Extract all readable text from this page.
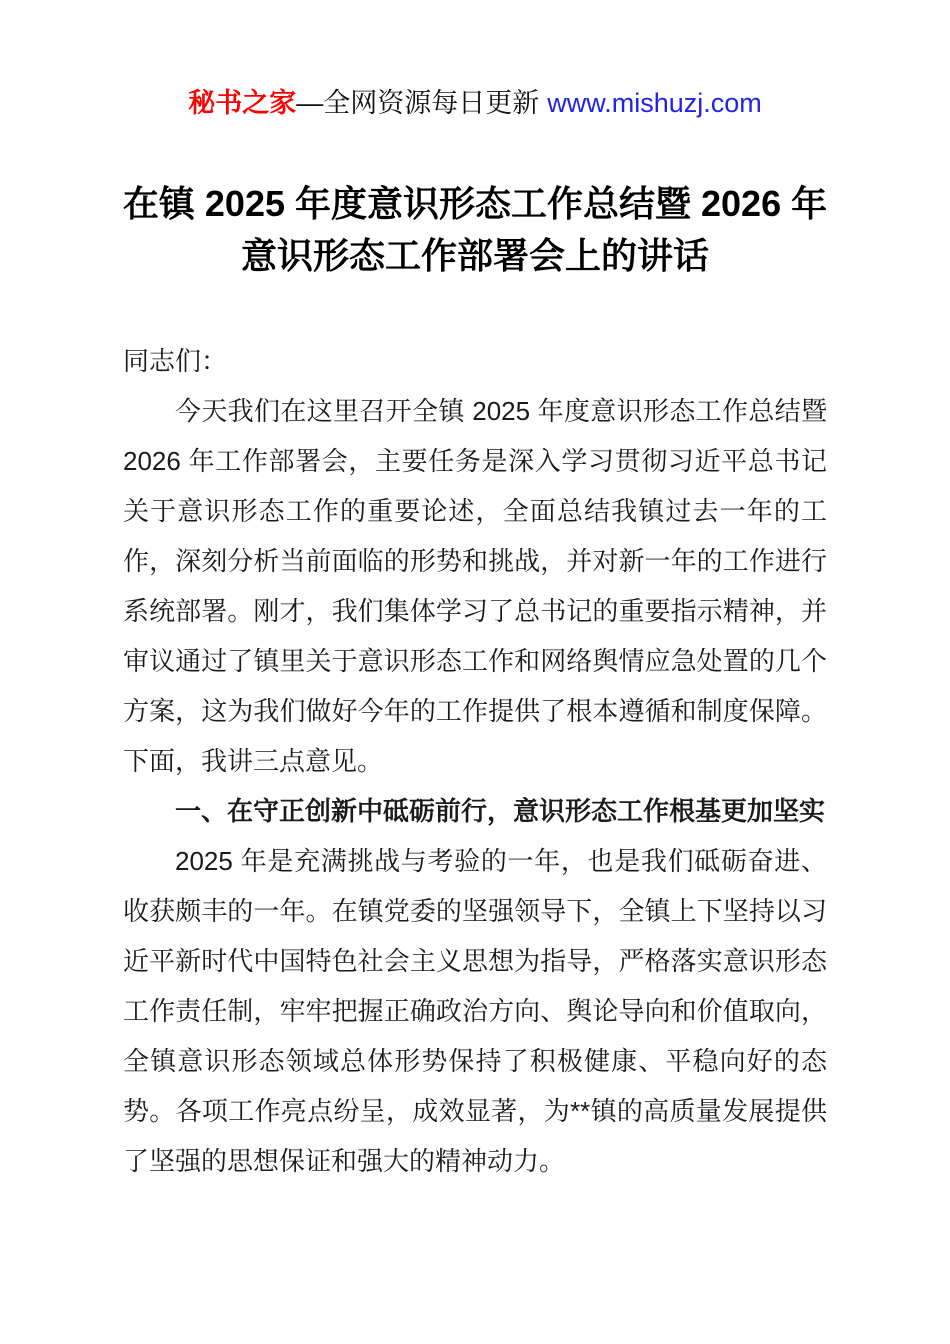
秘书之家—全网资源每日更新 www.mishuzj.com
在镇 2025 年度意识形态工作总结暨 2026 年
意识形态工作部署会上的讲话

同志们：

今天我们在这里召开全镇 2025 年度意识形态工作总结暨 2026 年工作部署会，主要任务是深入学习贯彻习近平总书记关于意识形态工作的重要论述，全面总结我镇过去一年的工作，深刻分析当前面临的形势和挑战，并对新一年的工作进行系统部署。刚才，我们集体学习了总书记的重要指示精神，并审议通过了镇里关于意识形态工作和网络舆情应急处置的几个方案，这为我们做好今年的工作提供了根本遵循和制度保障。下面，我讲三点意见。

一、在守正创新中砥砺前行，意识形态工作根基更加坚实

2025 年是充满挑战与考验的一年，也是我们砥砺奋进、收获颇丰的一年。在镇党委的坚强领导下，全镇上下坚持以习近平新时代中国特色社会主义思想为指导，严格落实意识形态工作责任制，牢牢把握正确政治方向、舆论导向和价值取向，全镇意识形态领域总体形势保持了积极健康、平稳向好的态势。各项工作亮点纷呈，成效显著，为**镇的高质量发展提供了坚强的思想保证和强大的精神动力。
